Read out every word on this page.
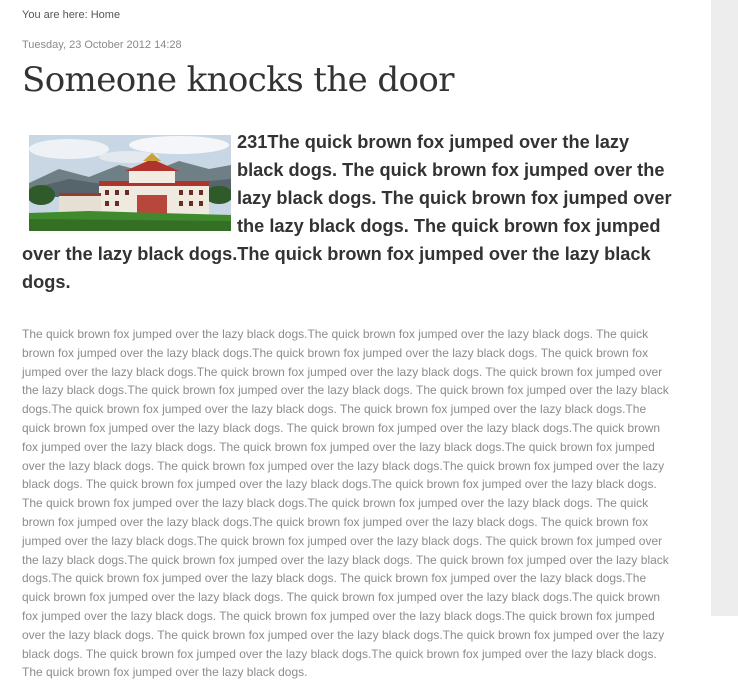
You are here: Home
Tuesday, 23 October 2012 14:28
Someone knocks the door
231The quick brown fox jumped over the lazy black dogs. The quick brown fox jumped over the lazy black dogs. The quick brown fox jumped over the lazy black dogs. The quick brown fox jumped over the lazy black dogs.The quick brown fox jumped over the lazy black dogs.

The quick brown fox jumped over the lazy black dogs.The quick brown fox jumped over the lazy black dogs. The quick brown fox jumped over the lazy black dogs.The quick brown fox jumped over the lazy black dogs. The quick brown fox jumped over the lazy black dogs.The quick brown fox jumped over the lazy black dogs. The quick brown fox jumped over the lazy black dogs.The quick brown fox jumped over the lazy black dogs. The quick brown fox jumped over the lazy black dogs.The quick brown fox jumped over the lazy black dogs. The quick brown fox jumped over the lazy black dogs.The quick brown fox jumped over the lazy black dogs. The quick brown fox jumped over the lazy black dogs.The quick brown fox jumped over the lazy black dogs. The quick brown fox jumped over the lazy black dogs.The quick brown fox jumped over the lazy black dogs. The quick brown fox jumped over the lazy black dogs.The quick brown fox jumped over the lazy black dogs. The quick brown fox jumped over the lazy black dogs.The quick brown fox jumped over the lazy black dogs. The quick brown fox jumped over the lazy black dogs.The quick brown fox jumped over the lazy black dogs. The quick brown fox jumped over the lazy black dogs.The quick brown fox jumped over the lazy black dogs. The quick brown fox jumped over the lazy black dogs.The quick brown fox jumped over the lazy black dogs. The quick brown fox jumped over the lazy black dogs.The quick brown fox jumped over the lazy black dogs. The quick brown fox jumped over the lazy black dogs.The quick brown fox jumped over the lazy black dogs. The quick brown fox jumped over the lazy black dogs.The quick brown fox jumped over the lazy black dogs. The quick brown fox jumped over the lazy black dogs.The quick brown fox jumped over the lazy black dogs. The quick brown fox jumped over the lazy black dogs.The quick brown fox jumped over the lazy black dogs. The quick brown fox jumped over the lazy black dogs.The quick brown fox jumped over the lazy black dogs. The quick brown fox jumped over the lazy black dogs.The quick brown fox jumped over the lazy black dogs. The quick brown fox jumped over the lazy black dogs.
